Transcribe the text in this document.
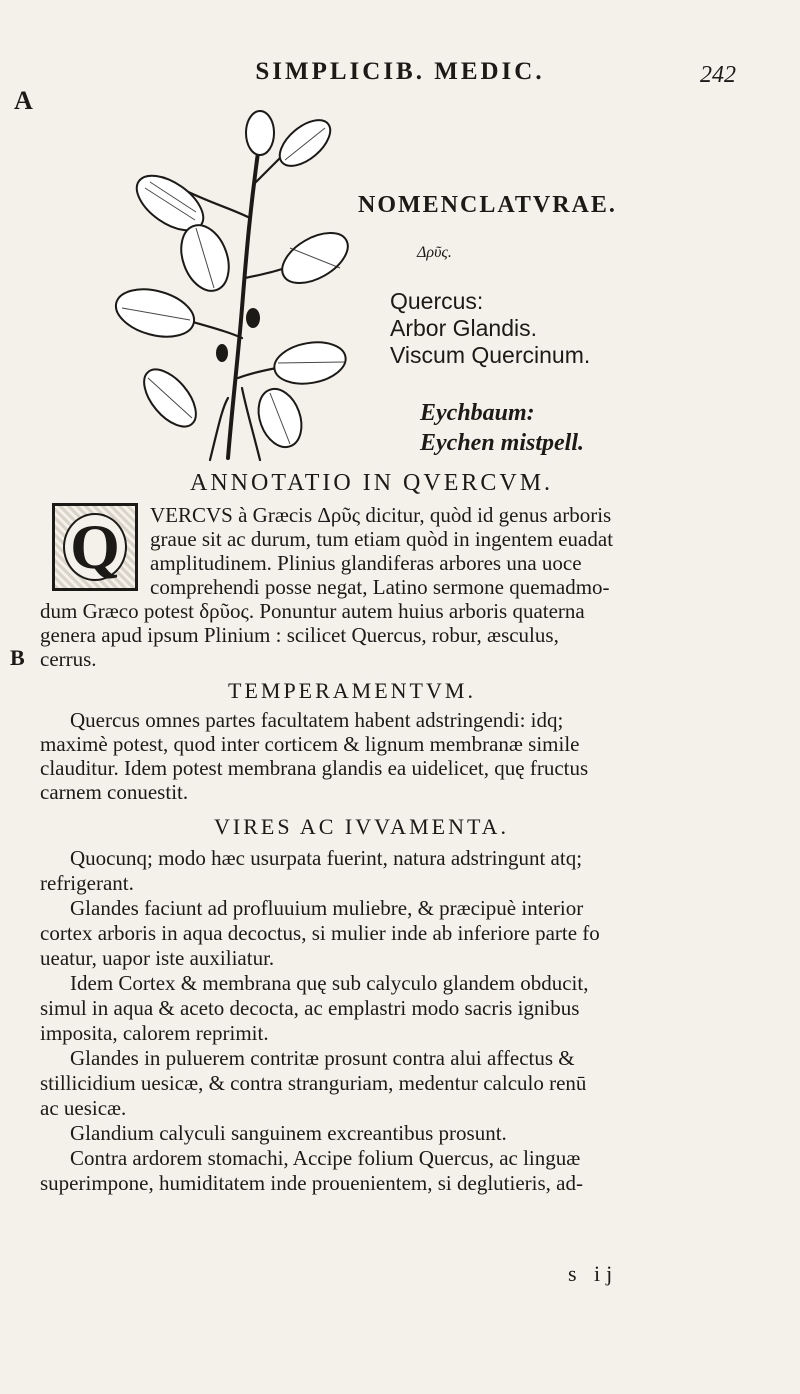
SIMPLICIB. MEDIC.	242
A
B
NOMENCLATVRAE.
Δρῦς.
Quercus:
Arbor Glandis.
Viscum Quercinum.
Eychbaum:
Eychen mistpell.
ANNOTATIO IN QVERCVM.
Q	VERCVS à Græcis Δρῦς dicitur, quòd id genus arboris
graue sit ac durum, tum etiam quòd in ingentem euadat
amplitudinem. Plinius glandiferas arbores una uoce
comprehendi posse negat, Latino sermone quemadmo-
dum Græco potest δρῦος. Ponuntur autem huius arboris quaterna
genera apud ipsum Plinium : scilicet Quercus, robur, æsculus,
cerrus.
TEMPERAMENTVM.
Quercus omnes partes facultatem habent adstringendi: idq;
maximè potest, quod inter corticem & lignum membranæ simile
clauditur. Idem potest membrana glandis ea uidelicet, quę fructus
carnem conuestit.
VIRES AC IVVAMENTA.
Quocunq; modo hæc usurpata fuerint, natura adstringunt atq;
refrigerant.
Glandes faciunt ad profluuium muliebre, & præcipuè interior
cortex arboris in aqua decoctus, si mulier inde ab inferiore parte fo
ueatur, uapor iste auxiliatur.
Idem Cortex & membrana quę sub calyculo glandem obducit,
simul in aqua & aceto decocta, ac emplastri modo sacris ignibus
imposita, calorem reprimit.
Glandes in puluerem contritæ prosunt contra alui affectus &
stillicidium uesicæ, & contra stranguriam, medentur calculo renū
ac uesicæ.
Glandium calyculi sanguinem excreantibus prosunt.
Contra ardorem stomachi, Accipe folium Quercus, ac linguæ
superimpone, humiditatem inde prouenientem, si deglutieris, ad-
s ij
